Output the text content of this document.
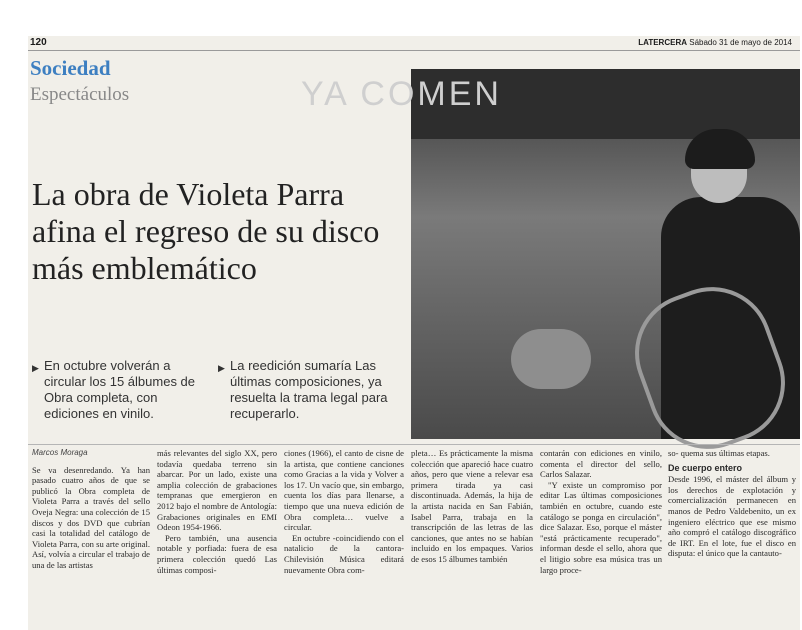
120	LATERCERA Sábado 31 de mayo de 2014
Sociedad
Espectáculos
La obra de Violeta Parra afina el regreso de su disco más emblemático
▶ En octubre volverán a circular los 15 álbumes de Obra completa, con ediciones en vinilo.
▶ La reedición sumaría Las últimas composiciones, ya resuelta la trama legal para recuperarlo.
YA COMEN
Marcos Moraga

Se va desenredando. Ya han pasado cuatro años de que se publicó la Obra completa de Violeta Parra a través del sello Oveja Negra: una colección de 15 discos y dos DVD que cubrían casi la totalidad del catálogo de Violeta Parra, con su arte original. Así, volvía a circular el trabajo de una de las artistas

más relevantes del siglo XX, pero todavía quedaba terreno sin abarcar. Por un lado, existe una amplia colección de grabaciones tempranas que emergieron en 2012 bajo el nombre de Antología: Grabaciones originales en EMI Odeon 1954-1966.

Pero también, una ausencia notable y porfiada: fuera de esa primera colección quedó Las últimas composi-

ciones (1966), el canto de cisne de la artista, que contiene canciones como Gracias a la vida y Volver a los 17. Un vacío que, sin embargo, cuenta los días para llenarse, a tiempo que una nueva edición de Obra completa… vuelve a circular.

En octubre -coincidiendo con el natalicio de la cantora- Chilevisión Música editará nuevamente Obra com-

pleta… Es prácticamente la misma colección que apareció hace cuatro años, pero que viene a relevar esa primera tirada ya casi discontinuada. Además, la hija de la artista nacida en San Fabián, Isabel Parra, trabaja en la transcripción de las letras de las canciones, que antes no se habían incluido en los empaques. Varios de esos 15 álbumes también

contarán con ediciones en vinilo, comenta el director del sello, Carlos Salazar.

"Y existe un compromiso por editar Las últimas composiciones también en octubre, cuando este catálogo se ponga en circulación", dice Salazar. Eso, porque el máster "está prácticamente recuperado", informan desde el sello, ahora que el litigio sobre esa música tras un largo proce-

so- quema sus últimas etapas.

De cuerpo entero

Desde 1996, el máster del álbum y los derechos de explotación y comercialización permanecen en manos de Pedro Valdebenito, un ex ingeniero eléctrico que ese mismo año compró el catálogo discográfico de IRT. En el lote, fue el disco en disputa: el único que la cantauto-
